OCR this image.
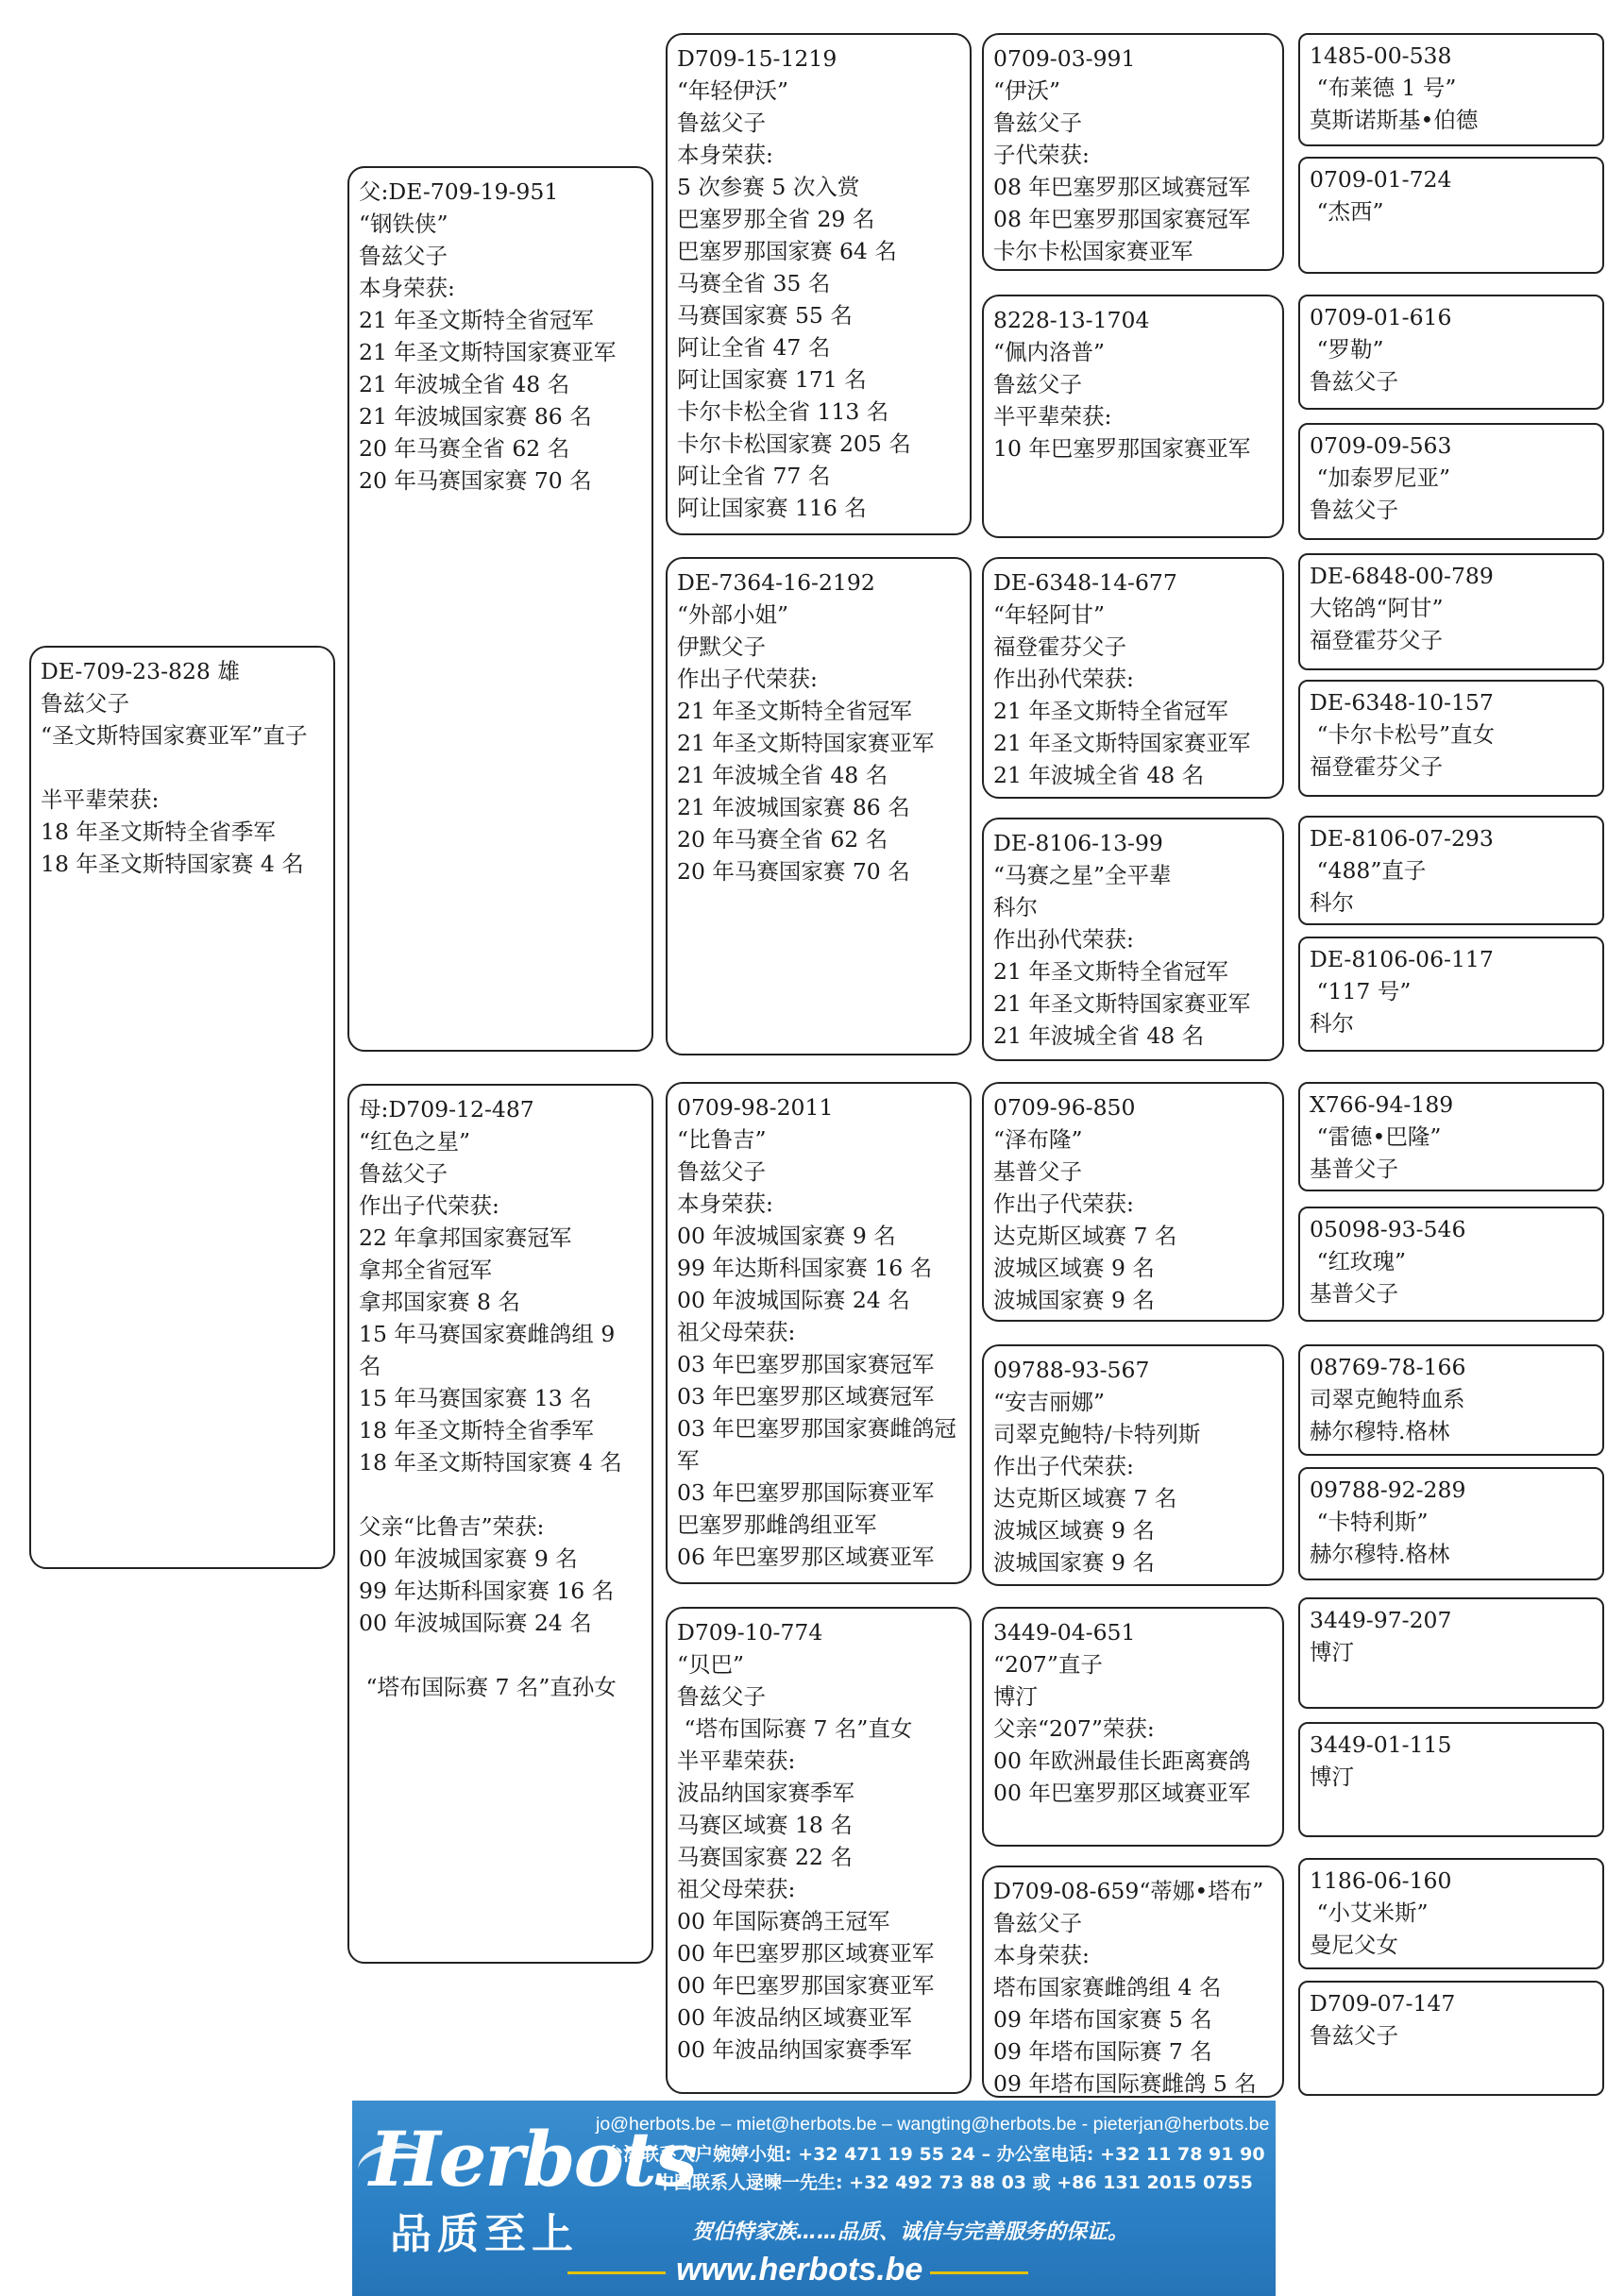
DE-709-23-828 雄
鲁兹父子
“圣文斯特国家赛亚军”直子
半平辈荣获:
18 年圣文斯特全省季军
18 年圣文斯特国家赛 4 名
父:DE-709-19-951
“钢铁侠”
鲁兹父子
本身荣获:
21 年圣文斯特全省冠军
21 年圣文斯特国家赛亚军
21 年波城全省 48 名
21 年波城国家赛 86 名
20 年马赛全省 62 名
20 年马赛国家赛 70 名
母:D709-12-487
“红色之星”
鲁兹父子
作出子代荣获:
22 年拿邦国家赛冠军
拿邦全省冠军
拿邦国家赛 8 名
15 年马赛国家赛雌鸽组 9 名
15 年马赛国家赛 13 名
18 年圣文斯特全省季军
18 年圣文斯特国家赛 4 名
父亲“比鲁吉”荣获:
00 年波城国家赛 9 名
99 年达斯科国家赛 16 名
00 年波城国际赛 24 名
“塔布国际赛 7 名”直孙女
D709-15-1219
“年轻伊沃”
鲁兹父子
本身荣获:
5 次参赛 5 次入赏
巴塞罗那全省 29 名
巴塞罗那国家赛 64 名
马赛全省 35 名
马赛国家赛 55 名
阿让全省 47 名
阿让国家赛 171 名
卡尔卡松全省 113 名
卡尔卡松国家赛 205 名
阿让全省 77 名
阿让国家赛 116 名
DE-7364-16-2192
“外部小姐”
伊默父子
作出子代荣获:
21 年圣文斯特全省冠军
21 年圣文斯特国家赛亚军
21 年波城全省 48 名
21 年波城国家赛 86 名
20 年马赛全省 62 名
20 年马赛国家赛 70 名
0709-98-2011
“比鲁吉”
鲁兹父子
本身荣获:
00 年波城国家赛 9 名
99 年达斯科国家赛 16 名
00 年波城国际赛 24 名
祖父母荣获:
03 年巴塞罗那国家赛冠军
03 年巴塞罗那区域赛冠军
03 年巴塞罗那国家赛雌鸽冠军
03 年巴塞罗那国际赛亚军
巴塞罗那雌鸽组亚军
06 年巴塞罗那区域赛亚军
D709-10-774
“贝巴”
鲁兹父子
“塔布国际赛 7 名”直女
半平辈荣获:
波品纳国家赛季军
马赛区域赛 18 名
马赛国家赛 22 名
祖父母荣获:
00 年国际赛鸽王冠军
00 年巴塞罗那区域赛亚军
00 年巴塞罗那国家赛亚军
00 年波品纳区域赛亚军
00 年波品纳国家赛季军
0709-03-991
“伊沃”
鲁兹父子
子代荣获:
08 年巴塞罗那区域赛冠军
08 年巴塞罗那国家赛冠军
卡尔卡松国家赛亚军
8228-13-1704
“佩内洛普”
鲁兹父子
半平辈荣获:
10 年巴塞罗那国家赛亚军
DE-6348-14-677
“年轻阿甘”
福登霍芬父子
作出孙代荣获:
21 年圣文斯特全省冠军
21 年圣文斯特国家赛亚军
21 年波城全省 48 名
DE-8106-13-99
“马赛之星”全平辈
科尔
作出孙代荣获:
21 年圣文斯特全省冠军
21 年圣文斯特国家赛亚军
21 年波城全省 48 名
0709-96-850
“泽布隆”
基普父子
作出子代荣获:
达克斯区域赛 7 名
波城区域赛 9 名
波城国家赛 9 名
09788-93-567
“安吉丽娜”
司翠克鲍特/卡特列斯
作出子代荣获:
达克斯区域赛 7 名
波城区域赛 9 名
波城国家赛 9 名
3449-04-651
“207”直子
博汀
父亲“207”荣获:
00 年欧洲最佳长距离赛鸽
00 年巴塞罗那区域赛亚军
D709-08-659“蒂娜•塔布”
鲁兹父子
本身荣获:
塔布国家赛雌鸽组 4 名
09 年塔布国家赛 5 名
09 年塔布国际赛 7 名
09 年塔布国际赛雌鸽 5 名
1485-00-538
“布莱德 1 号”
莫斯诺斯基•伯德
0709-01-724
“杰西”
0709-01-616
“罗勒”
鲁兹父子
0709-09-563
“加泰罗尼亚”
鲁兹父子
DE-6848-00-789
大铭鸽“阿甘”
福登霍芬父子
DE-6348-10-157
“卡尔卡松号”直女
福登霍芬父子
DE-8106-07-293
“488”直子
科尔
DE-8106-06-117
“117 号”
科尔
X766-94-189
“雷德•巴隆”
基普父子
05098-93-546
“红玫瑰”
基普父子
08769-78-166
司翠克鲍特血系
赫尔穆特.格林
09788-92-289
“卡特利斯”
赫尔穆特.格林
3449-97-207
博汀
3449-01-115
博汀
1186-06-160
“小艾米斯”
曼尼父女
D709-07-147
鲁兹父子
Herbots
品质至上
jo@herbots.be – miet@herbots.be – wangting@herbots.be - pieterjan@herbots.be
台湾联系人户婉婷小姐: +32 471 19 55 24 – 办公室电话: +32 11 78 91 90
中国联系人逯暕一先生: +32 492 73 88 03 或 +86 131 2015 0755
贺伯特家族……品质、诚信与完善服务的保证。
www.herbots.be
